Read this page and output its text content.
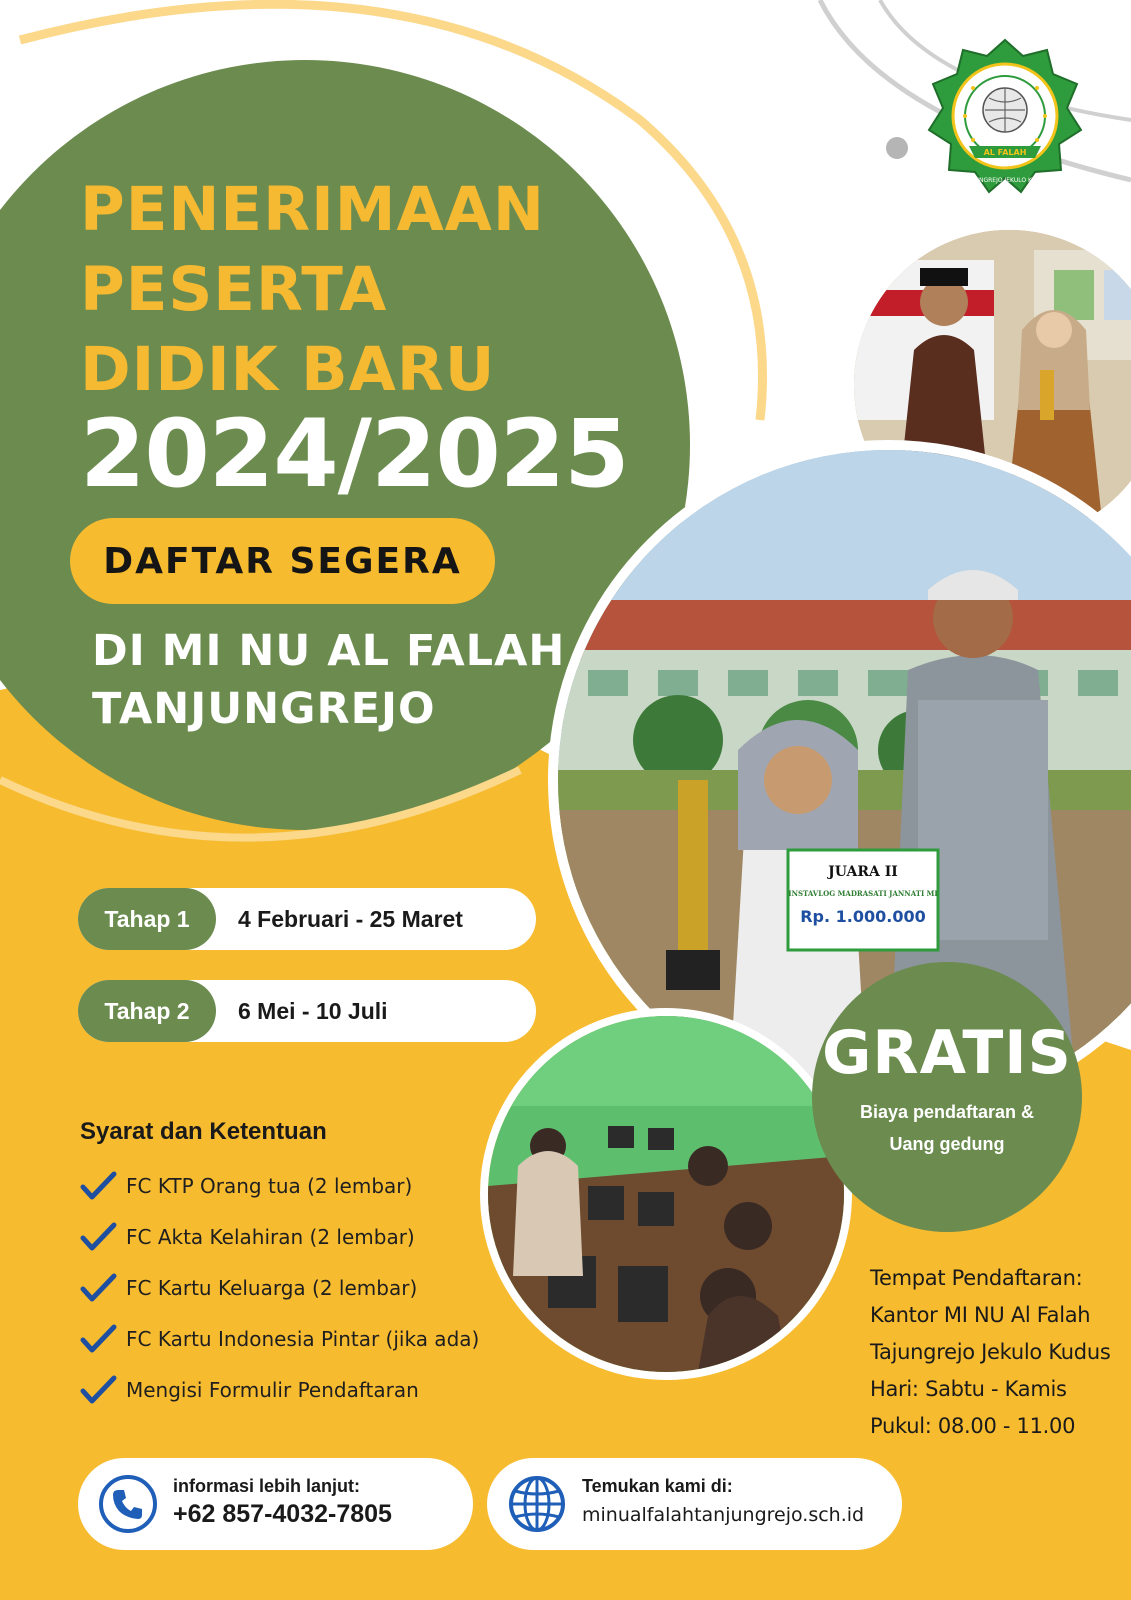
AL FALAH
TANJUNGREJO JEKULO KUDUS
PENERIMAAN
PESERTA
DIDIK BARU
2024/2025
DAFTAR SEGERA
DI MI NU AL FALAH
TANJUNGREJO
JUARA II
INSTAVLOG MADRASATI JANNATI MI
Rp. 1.000.000
Tahap 1	4 Februari - 25 Maret
Tahap 2	6 Mei - 10 Juli
Syarat dan Ketentuan
FC KTP Orang tua (2 lembar)
FC Akta Kelahiran (2 lembar)
FC Kartu Keluarga (2 lembar)
FC Kartu Indonesia Pintar (jika ada)
Mengisi Formulir Pendaftaran
GRATIS
Biaya pendaftaran &
Uang gedung
Tempat Pendaftaran:
Kantor MI NU Al Falah
Tajungrejo Jekulo Kudus
Hari: Sabtu - Kamis
Pukul: 08.00 - 11.00
informasi lebih lanjut:
+62 857-4032-7805
Temukan kami di:
minualfalahtanjungrejo.sch.id
